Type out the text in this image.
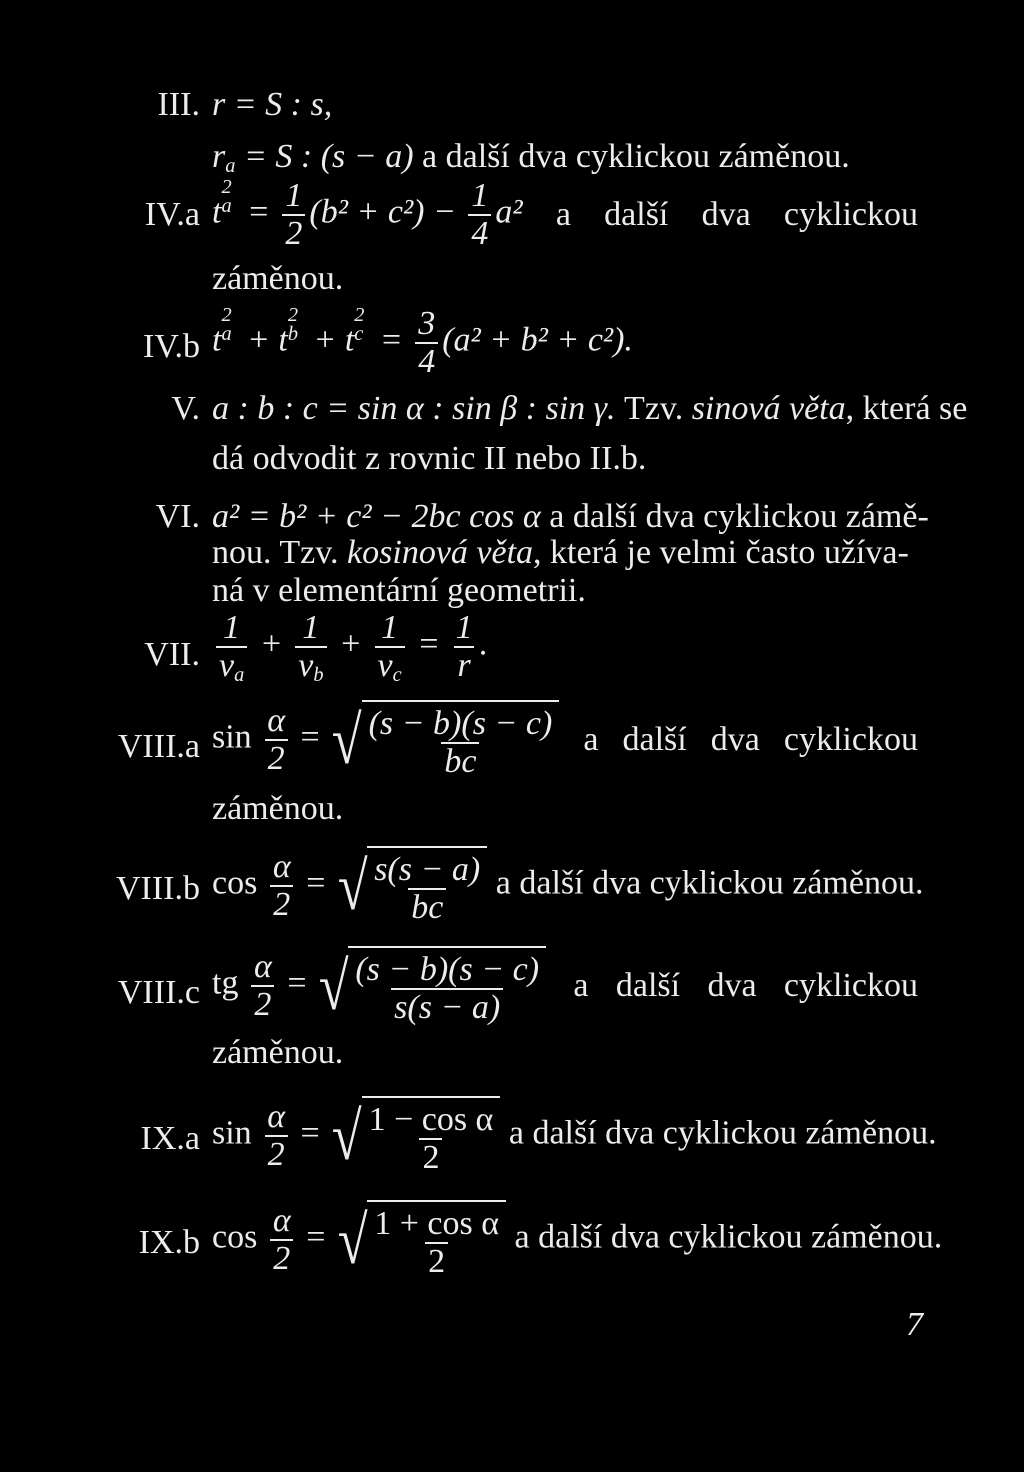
III. r = S : s,
$r_a = S$ : (s − a) a další dva cyklickou záměnou.
IV.a t
2
$a = \frac{1}{2} (b^2 + c^2) - \frac{1}{4} a^2$ a další dva cyklickou
záměnou.
IV.b t
2
a + t
2
b + t
2
$c = \frac{3}{4} (a^2 + b^2 + c^2)$.
V. a : b : c = sin α : sin β : sin γ. Tzv. sinová věta, která se
dá odvodit z rovnic II nebo II.b.
VI. a² = b² + c² − 2bc cos α a další dva cyklickou zámě-
nou. Tzv. kosinová věta, která je velmi často užíva-
ná v elementární geometrii.
VII. $\frac{1}{v_a} + \frac{1}{v_b} + \frac{1}{v_c} = \frac{1}{r}$ .
VIII.a $\sin \frac{\alpha}{2}$ = √ $\frac{(s - b)(s - c)}{bc}$ a další dva cyklickou
záměnou.
VIII.b $\cos \frac{\alpha}{2}$ = √ $\frac{s(s - a)}{bc}$ a další dva cyklickou záměnou.
VIII.c tg $\frac{\alpha}{2}$ = √ $\frac{(s - b)(s - c)}{s(s - a)}$ a další dva cyklickou
záměnou.
IX.a $\sin \frac{\alpha}{2}$ = √ $\frac{\text{1 − cos α}}{2}$ a další dva cyklickou záměnou.
IX.b $\cos \frac{\alpha}{2}$ = √ $\frac{\text{1 + cos α}}{2}$ a další dva cyklickou záměnou.
7
